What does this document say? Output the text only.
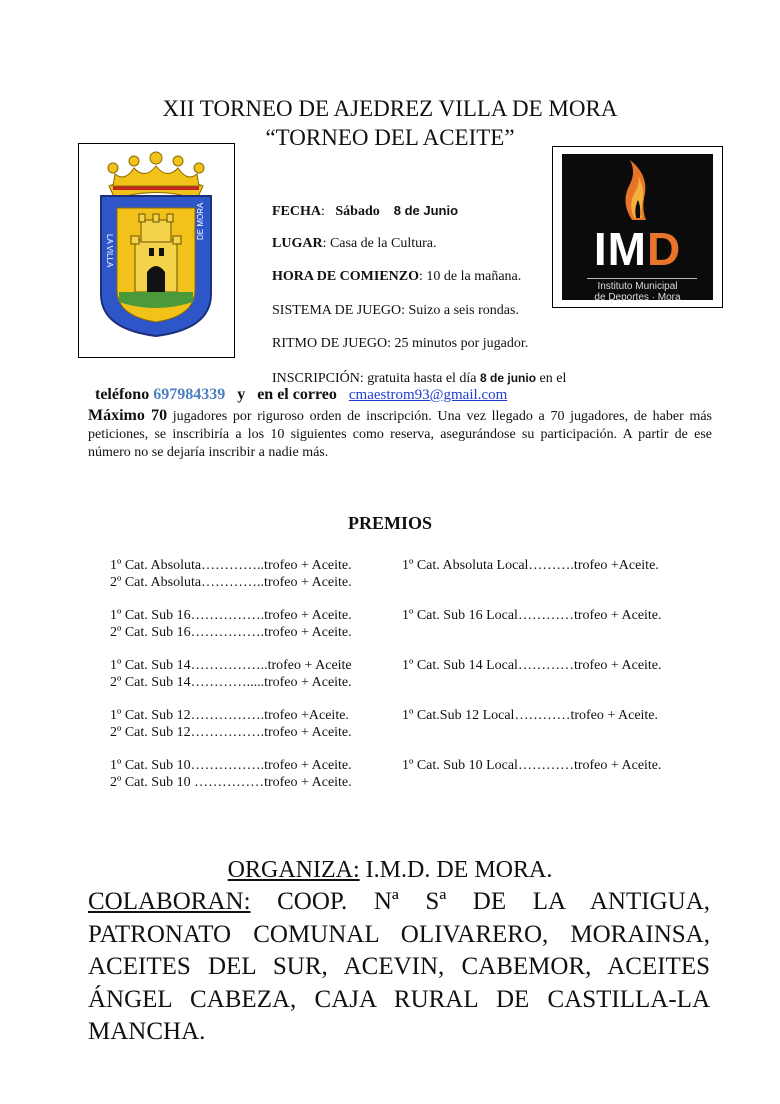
XII TORNEO DE AJEDREZ VILLA DE MORA
“TORNEO DEL ACEITE”
LA VILLA
DE MORA
IMD
Instituto Municipal
de Deportes · Mora
FECHA:   Sábado 8 de Junio
LUGAR: Casa de la Cultura.
HORA DE COMIENZO: 10 de la mañana.
SISTEMA DE JUEGO: Suizo a seis rondas.
RITMO DE JUEGO: 25 minutos por jugador.
INSCRIPCIÓN: gratuita hasta el día 8 de junio en el
teléfono 697984339 y en el correo cmaestrom93@gmail.com
Máximo 70 jugadores por riguroso orden de inscripción. Una vez llegado a 70 jugadores, de haber más peticiones, se inscribiría a los 10 siguientes como reserva, asegurándose su participación. A partir de ese número no se dejaría inscribir a nadie más.
PREMIOS
1º Cat. Absoluta…………..trofeo + Aceite.
2º Cat. Absoluta…………..trofeo + Aceite.
1º Cat. Sub 16…………….trofeo + Aceite.
2º Cat. Sub 16…………….trofeo + Aceite.
1º Cat. Sub 14……………..trofeo + Aceite
2º Cat. Sub 14………….....trofeo + Aceite.
1º Cat. Sub 12…………….trofeo +Aceite.
2º Cat. Sub 12…………….trofeo + Aceite.
1º Cat. Sub 10…………….trofeo + Aceite.
2º Cat. Sub 10 ……………trofeo + Aceite.
1º Cat. Absoluta Local……….trofeo +Aceite.
1º Cat. Sub 16 Local…………trofeo + Aceite.
1º Cat. Sub 14 Local…………trofeo + Aceite.
1º Cat.Sub 12 Local…………trofeo + Aceite.
1º Cat. Sub 10 Local…………trofeo + Aceite.
ORGANIZA: I.M.D. DE MORA.
COLABORAN: COOP. Nª Sª DE LA ANTIGUA, PATRONATO COMUNAL OLIVARERO, MORAINSA, ACEITES DEL SUR, ACEVIN, CABEMOR, ACEITES ÁNGEL CABEZA, CAJA RURAL DE CASTILLA-LA MANCHA.
